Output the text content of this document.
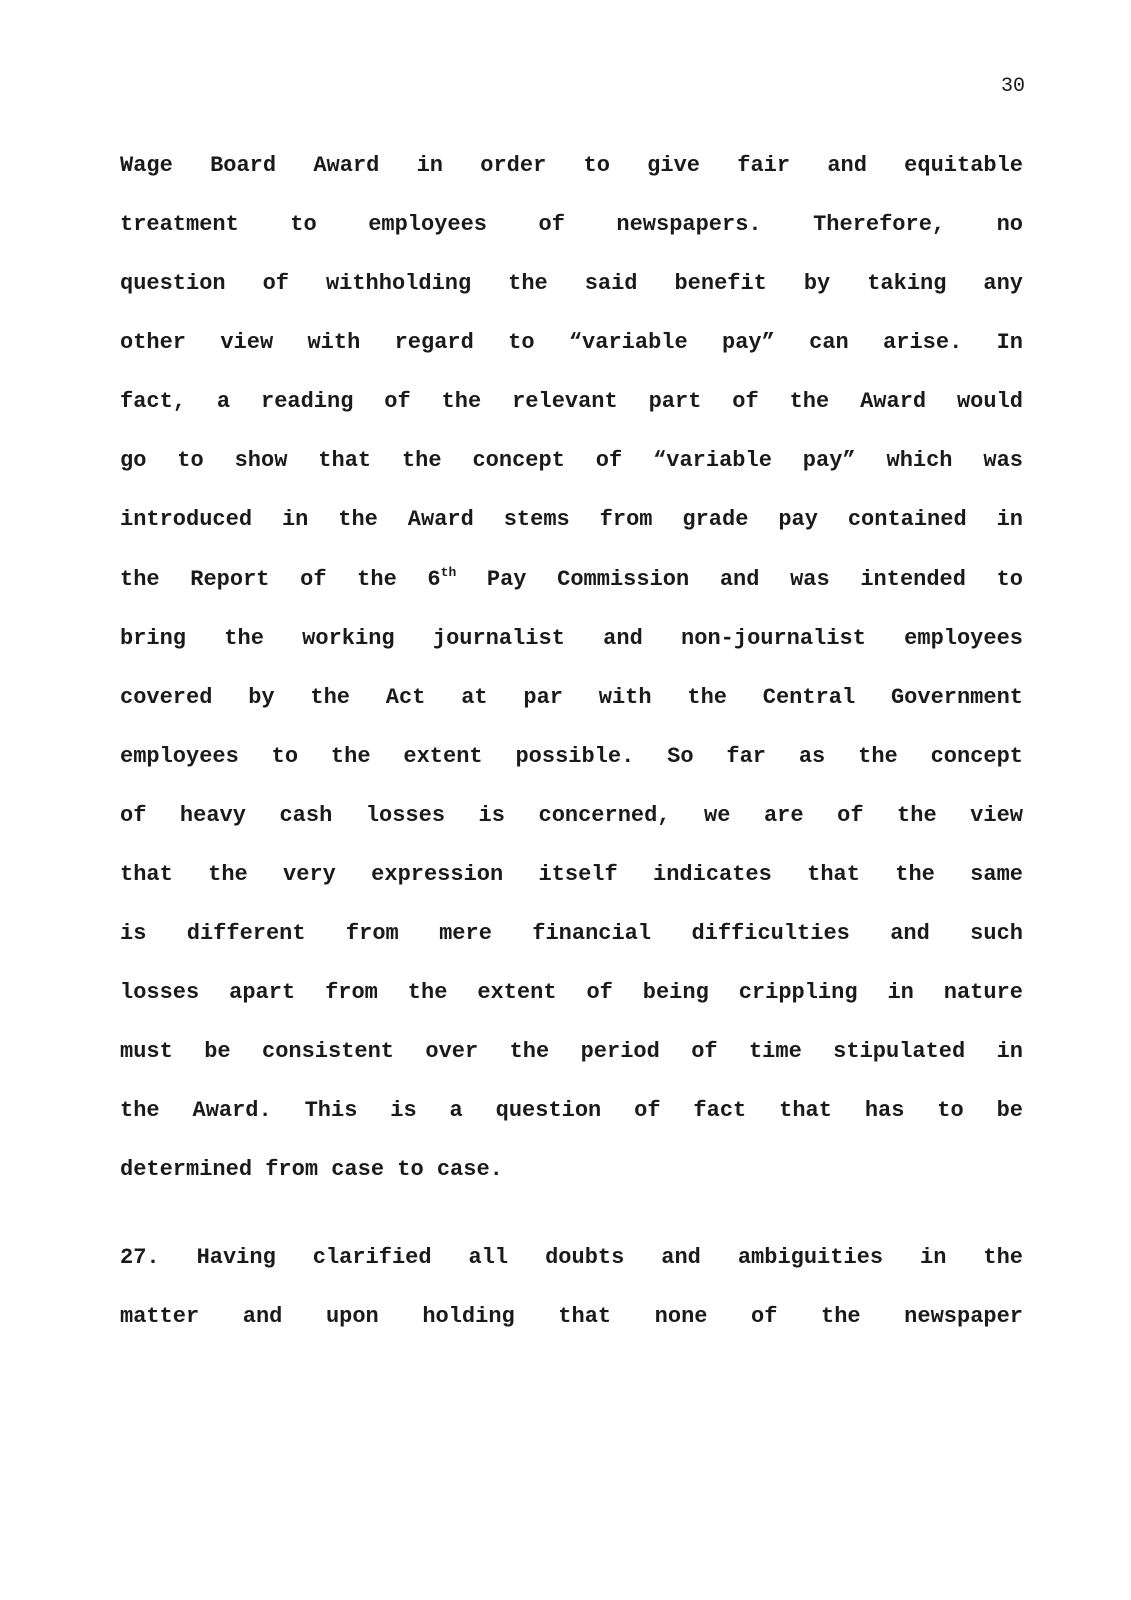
30
Wage Board Award in order to give fair and equitable
treatment to employees of newspapers. Therefore, no
question of withholding the said benefit by taking any
other view with regard to “variable pay” can arise. In
fact, a reading of the relevant part of the Award would
go to show that the concept of “variable pay” which was
introduced in the Award stems from grade pay contained in
the Report of the 6th Pay Commission and was intended to
bring the working journalist and non-journalist employees
covered by the Act at par with the Central Government
employees to the extent possible. So far as the concept
of heavy cash losses is concerned, we are of the view
that the very expression itself indicates that the same
is different from mere financial difficulties and such
losses apart from the extent of being crippling in nature
must be consistent over the period of time stipulated in
the Award. This is a question of fact that has to be
determined from case to case.
27. Having clarified all doubts and ambiguities in the
matter and upon holding that none of the newspaper
